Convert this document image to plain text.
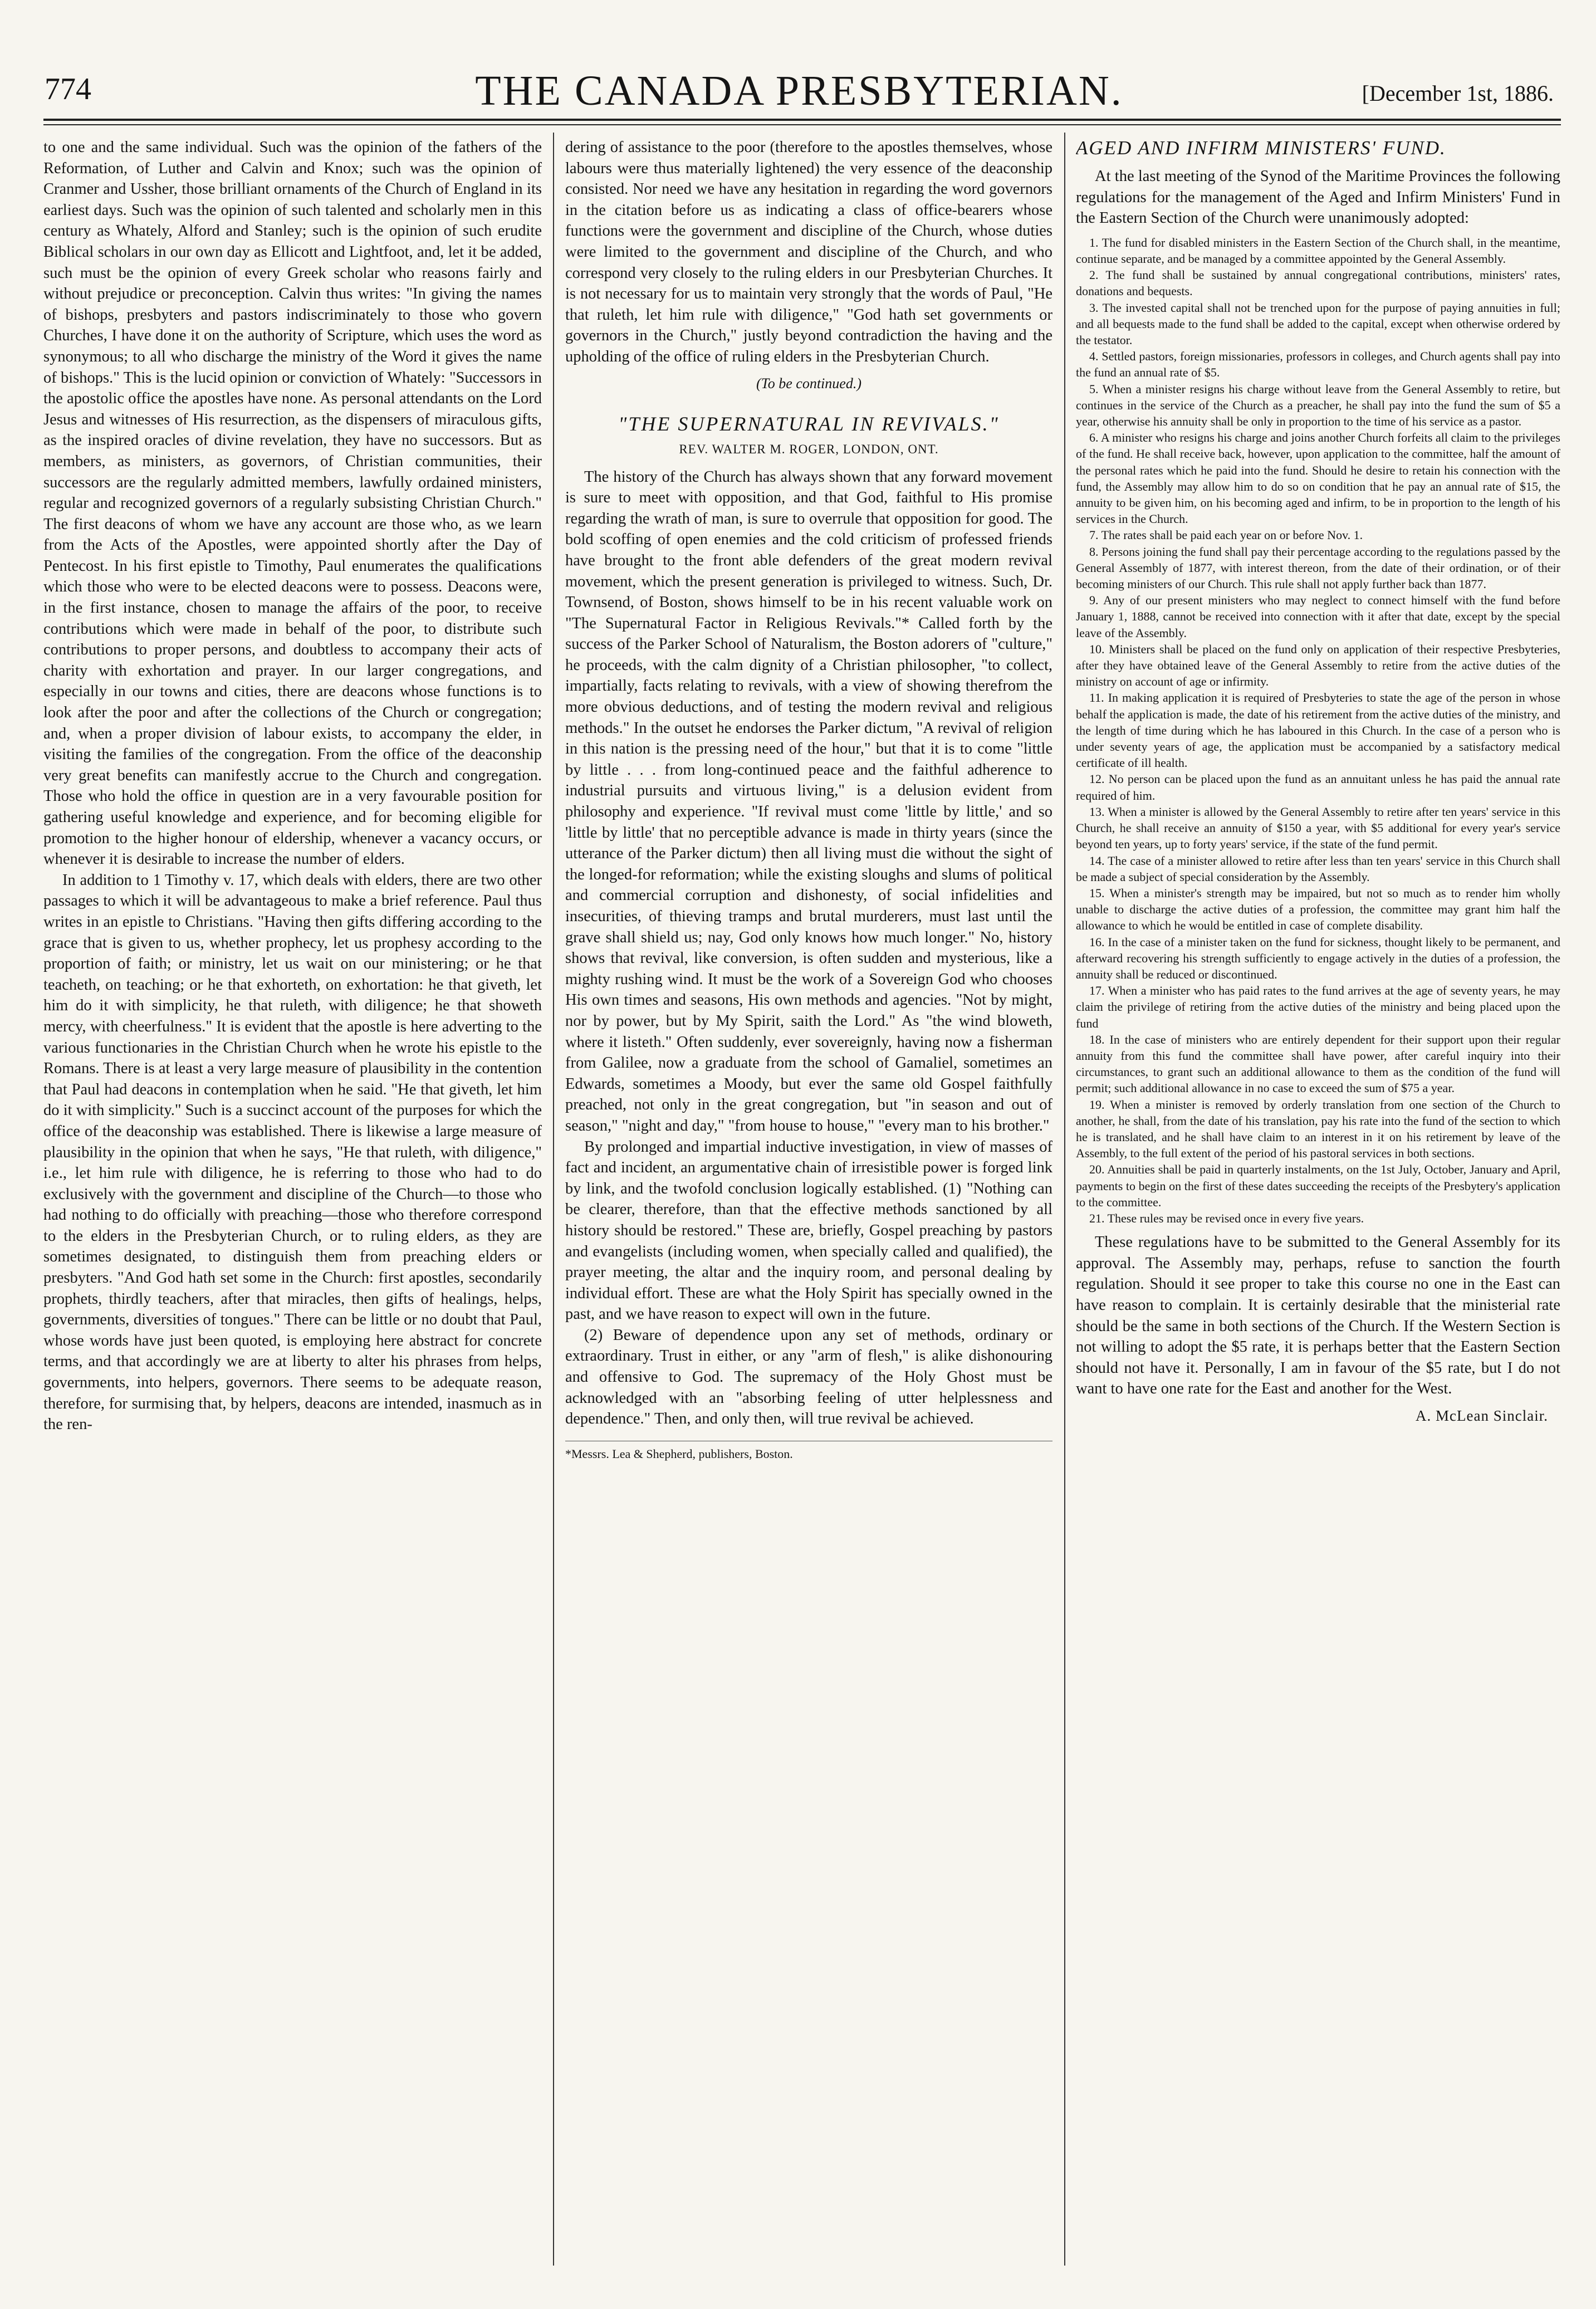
774	THE CANADA PRESBYTERIAN.	[December 1st, 1886.

to one and the same individual. Such was the opinion of the fathers of the Reformation, of Luther and Calvin and Knox; such was the opinion of Cranmer and Ussher, those brilliant ornaments of the Church of England in its earliest days. Such was the opinion of such talented and scholarly men in this century as Whately, Alford and Stanley; such is the opinion of such erudite Biblical scholars in our own day as Ellicott and Lightfoot, and, let it be added, such must be the opinion of every Greek scholar who reasons fairly and without prejudice or preconception. Calvin thus writes: "In giving the names of bishops, presbyters and pastors indiscriminately to those who govern Churches, I have done it on the authority of Scripture, which uses the word as synonymous; to all who discharge the ministry of the Word it gives the name of bishops." This is the lucid opinion or conviction of Whately: "Successors in the apostolic office the apostles have none. As personal attendants on the Lord Jesus and witnesses of His resurrection, as the dispensers of miraculous gifts, as the inspired oracles of divine revelation, they have no successors. But as members, as ministers, as governors, of Christian communities, their successors are the regularly admitted members, lawfully ordained ministers, regular and recognized governors of a regularly subsisting Christian Church." The first deacons of whom we have any account are those who, as we learn from the Acts of the Apostles, were appointed shortly after the Day of Pentecost. In his first epistle to Timothy, Paul enumerates the qualifications which those who were to be elected deacons were to possess. Deacons were, in the first instance, chosen to manage the affairs of the poor, to receive contributions which were made in behalf of the poor, to distribute such contributions to proper persons, and doubtless to accompany their acts of charity with exhortation and prayer. In our larger congregations, and especially in our towns and cities, there are deacons whose functions is to look after the poor and after the collections of the Church or congregation; and, when a proper division of labour exists, to accompany the elder, in visiting the families of the congregation. From the office of the deaconship very great benefits can manifestly accrue to the Church and congregation. Those who hold the office in question are in a very favourable position for gathering useful knowledge and experience, and for becoming eligible for promotion to the higher honour of eldership, whenever a vacancy occurs, or whenever it is desirable to increase the number of elders.

In addition to 1 Timothy v. 17, which deals with elders, there are two other passages to which it will be advantageous to make a brief reference. Paul thus writes in an epistle to Christians. "Having then gifts differing according to the grace that is given to us, whether prophecy, let us prophesy according to the proportion of faith; or ministry, let us wait on our ministering; or he that teacheth, on teaching; or he that exhorteth, on exhortation: he that giveth, let him do it with simplicity, he that ruleth, with diligence; he that showeth mercy, with cheerfulness." It is evident that the apostle is here adverting to the various functionaries in the Christian Church when he wrote his epistle to the Romans. There is at least a very large measure of plausibility in the contention that Paul had deacons in contemplation when he said. "He that giveth, let him do it with simplicity." Such is a succinct account of the purposes for which the office of the deaconship was established. There is likewise a large measure of plausibility in the opinion that when he says, "He that ruleth, with diligence," i.e., let him rule with diligence, he is referring to those who had to do exclusively with the government and discipline of the Church—to those who had nothing to do officially with preaching—those who therefore correspond to the elders in the Presbyterian Church, or to ruling elders, as they are sometimes designated, to distinguish them from preaching elders or presbyters. "And God hath set some in the Church: first apostles, secondarily prophets, thirdly teachers, after that miracles, then gifts of healings, helps, governments, diversities of tongues." There can be little or no doubt that Paul, whose words have just been quoted, is employing here abstract for concrete terms, and that accordingly we are at liberty to alter his phrases from helps, governments, into helpers, governors. There seems to be adequate reason, therefore, for surmising that, by helpers, deacons are intended, inasmuch as in the ren-

dering of assistance to the poor (therefore to the apostles themselves, whose labours were thus materially lightened) the very essence of the deaconship consisted. Nor need we have any hesitation in regarding the word governors in the citation before us as indicating a class of office-bearers whose functions were the government and discipline of the Church, whose duties were limited to the government and discipline of the Church, and who correspond very closely to the ruling elders in our Presbyterian Churches. It is not necessary for us to maintain very strongly that the words of Paul, "He that ruleth, let him rule with diligence," "God hath set governments or governors in the Church," justly beyond contradiction the having and the upholding of the office of ruling elders in the Presbyterian Church.

(To be continued.)

"THE SUPERNATURAL IN REVIVALS."
REV. WALTER M. ROGER, LONDON, ONT.

The history of the Church has always shown that any forward movement is sure to meet with opposition, and that God, faithful to His promise regarding the wrath of man, is sure to overrule that opposition for good. The bold scoffing of open enemies and the cold criticism of professed friends have brought to the front able defenders of the great modern revival movement, which the present generation is privileged to witness. Such, Dr. Townsend, of Boston, shows himself to be in his recent valuable work on "The Supernatural Factor in Religious Revivals."* Called forth by the success of the Parker School of Naturalism, the Boston adorers of "culture," he proceeds, with the calm dignity of a Christian philosopher, "to collect, impartially, facts relating to revivals, with a view of showing therefrom the more obvious deductions, and of testing the modern revival and religious methods." In the outset he endorses the Parker dictum, "A revival of religion in this nation is the pressing need of the hour," but that it is to come "little by little . . . from long-continued peace and the faithful adherence to industrial pursuits and virtuous living," is a delusion evident from philosophy and experience. "If revival must come 'little by little,' and so 'little by little' that no perceptible advance is made in thirty years (since the utterance of the Parker dictum) then all living must die without the sight of the longed-for reformation; while the existing sloughs and slums of political and commercial corruption and dishonesty, of social infidelities and insecurities, of thieving tramps and brutal murderers, must last until the grave shall shield us; nay, God only knows how much longer." No, history shows that revival, like conversion, is often sudden and mysterious, like a mighty rushing wind. It must be the work of a Sovereign God who chooses His own times and seasons, His own methods and agencies. "Not by might, nor by power, but by My Spirit, saith the Lord." As "the wind bloweth, where it listeth." Often suddenly, ever sovereignly, having now a fisherman from Galilee, now a graduate from the school of Gamaliel, sometimes an Edwards, sometimes a Moody, but ever the same old Gospel faithfully preached, not only in the great congregation, but "in season and out of season," "night and day," "from house to house," "every man to his brother."

By prolonged and impartial inductive investigation, in view of masses of fact and incident, an argumentative chain of irresistible power is forged link by link, and the twofold conclusion logically established. (1) "Nothing can be clearer, therefore, than that the effective methods sanctioned by all history should be restored." These are, briefly, Gospel preaching by pastors and evangelists (including women, when specially called and qualified), the prayer meeting, the altar and the inquiry room, and personal dealing by individual effort. These are what the Holy Spirit has specially owned in the past, and we have reason to expect will own in the future.

(2) Beware of dependence upon any set of methods, ordinary or extraordinary. Trust in either, or any "arm of flesh," is alike dishonouring and offensive to God. The supremacy of the Holy Ghost must be acknowledged with an "absorbing feeling of utter helplessness and dependence." Then, and only then, will true revival be achieved.

*Messrs. Lea & Shepherd, publishers, Boston.
AGED AND INFIRM MINISTERS' FUND.

At the last meeting of the Synod of the Maritime Provinces the following regulations for the management of the Aged and Infirm Ministers' Fund in the Eastern Section of the Church were unanimously adopted:

1. The fund for disabled ministers in the Eastern Section of the Church shall, in the meantime, continue separate, and be managed by a committee appointed by the General Assembly.

2. The fund shall be sustained by annual congregational contributions, ministers' rates, donations and bequests.

3. The invested capital shall not be trenched upon for the purpose of paying annuities in full; and all bequests made to the fund shall be added to the capital, except when otherwise ordered by the testator.

4. Settled pastors, foreign missionaries, professors in colleges, and Church agents shall pay into the fund an annual rate of $5.

5. When a minister resigns his charge without leave from the General Assembly to retire, but continues in the service of the Church as a preacher, he shall pay into the fund the sum of $5 a year, otherwise his annuity shall be only in proportion to the time of his service as a pastor.

6. A minister who resigns his charge and joins another Church forfeits all claim to the privileges of the fund. He shall receive back, however, upon application to the committee, half the amount of the personal rates which he paid into the fund. Should he desire to retain his connection with the fund, the Assembly may allow him to do so on condition that he pay an annual rate of $15, the annuity to be given him, on his becoming aged and infirm, to be in proportion to the length of his services in the Church.

7. The rates shall be paid each year on or before Nov. 1.

8. Persons joining the fund shall pay their percentage according to the regulations passed by the General Assembly of 1877, with interest thereon, from the date of their ordination, or of their becoming ministers of our Church. This rule shall not apply further back than 1877.

9. Any of our present ministers who may neglect to connect himself with the fund before January 1, 1888, cannot be received into connection with it after that date, except by the special leave of the Assembly.

10. Ministers shall be placed on the fund only on application of their respective Presbyteries, after they have obtained leave of the General Assembly to retire from the active duties of the ministry on account of age or infirmity.

11. In making application it is required of Presbyteries to state the age of the person in whose behalf the application is made, the date of his retirement from the active duties of the ministry, and the length of time during which he has laboured in this Church. In the case of a person who is under seventy years of age, the application must be accompanied by a satisfactory medical certificate of ill health.

12. No person can be placed upon the fund as an annuitant unless he has paid the annual rate required of him.

13. When a minister is allowed by the General Assembly to retire after ten years' service in this Church, he shall receive an annuity of $150 a year, with $5 additional for every year's service beyond ten years, up to forty years' service, if the state of the fund permit.

14. The case of a minister allowed to retire after less than ten years' service in this Church shall be made a subject of special consideration by the Assembly.

15. When a minister's strength may be impaired, but not so much as to render him wholly unable to discharge the active duties of a profession, the committee may grant him half the allowance to which he would be entitled in case of complete disability.

16. In the case of a minister taken on the fund for sickness, thought likely to be permanent, and afterward recovering his strength sufficiently to engage actively in the duties of a profession, the annuity shall be reduced or discontinued.

17. When a minister who has paid rates to the fund arrives at the age of seventy years, he may claim the privilege of retiring from the active duties of the ministry and being placed upon the fund

18. In the case of ministers who are entirely dependent for their support upon their regular annuity from this fund the committee shall have power, after careful inquiry into their circumstances, to grant such an additional allowance to them as the condition of the fund will permit; such additional allowance in no case to exceed the sum of $75 a year.

19. When a minister is removed by orderly translation from one section of the Church to another, he shall, from the date of his translation, pay his rate into the fund of the section to which he is translated, and he shall have claim to an interest in it on his retirement by leave of the Assembly, to the full extent of the period of his pastoral services in both sections.

20. Annuities shall be paid in quarterly instalments, on the 1st July, October, January and April, payments to begin on the first of these dates succeeding the receipts of the Presbytery's application to the committee.

21. These rules may be revised once in every five years.

These regulations have to be submitted to the General Assembly for its approval. The Assembly may, perhaps, refuse to sanction the fourth regulation. Should it see proper to take this course no one in the East can have reason to complain. It is certainly desirable that the ministerial rate should be the same in both sections of the Church. If the Western Section is not willing to adopt the $5 rate, it is perhaps better that the Eastern Section should not have it. Personally, I am in favour of the $5 rate, but I do not want to have one rate for the East and another for the West.

A. McLean Sinclair.
